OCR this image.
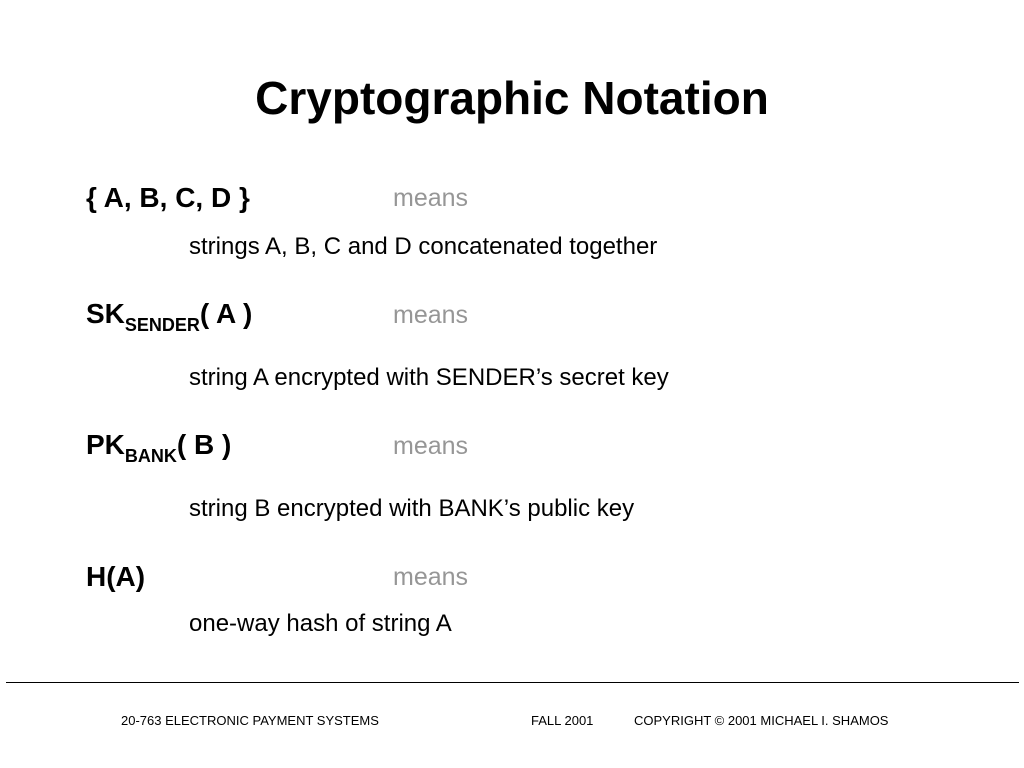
Cryptographic Notation
{ A, B, C, D }	means
strings A, B, C and D concatenated together
$SK_{SENDER}$( A )	means
string A encrypted with SENDER’s secret key
$PK_{BANK}$( B )	means
string B encrypted with BANK’s public key
H(A)	means
one-way hash of string A
20-763 ELECTRONIC PAYMENT SYSTEMS	FALL 2001	COPYRIGHT © 2001 MICHAEL I. SHAMOS
